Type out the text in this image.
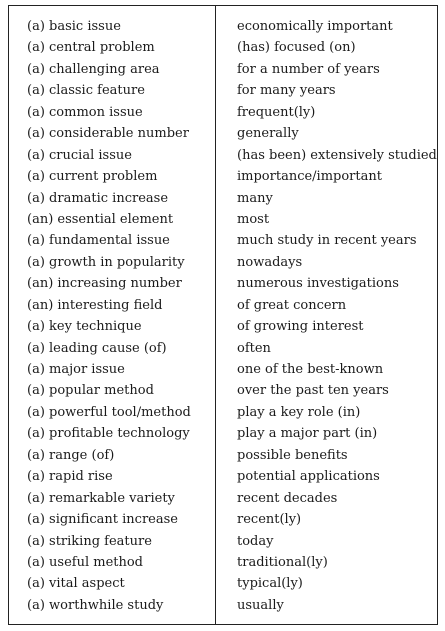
(a) basic issue
(a) central problem
(a) challenging area
(a) classic feature
(a) common issue
(a) considerable number
(a) crucial issue
(a) current problem
(a) dramatic increase
(an) essential element
(a) fundamental issue
(a) growth in popularity
(an) increasing number
(an) interesting field
(a) key technique
(a) leading cause (of)
(a) major issue
(a) popular method
(a) powerful tool/method
(a) profitable technology
(a) range (of)
(a) rapid rise
(a) remarkable variety
(a) significant increase
(a) striking feature
(a) useful method
(a) vital aspect
(a) worthwhile study
economically important
(has) focused (on)
for a number of years
for many years
frequent(ly)
generally
(has been) extensively studied
importance/important
many
most
much study in recent years
nowadays
numerous investigations
of great concern
of growing interest
often
one of the best-known
over the past ten years
play a key role (in)
play a major part (in)
possible benefits
potential applications
recent decades
recent(ly)
today
traditional(ly)
typical(ly)
usually
